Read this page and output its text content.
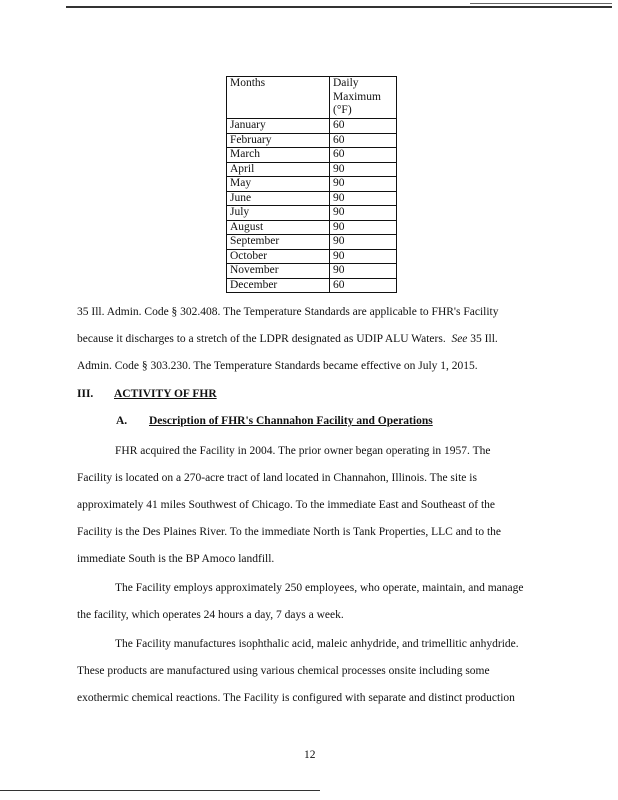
Months	Daily Maximum (°F)
January	60
February	60
March	60
April	90
May	90
June	90
July	90
August	90
September	90
October	90
November	90
December	60
35 Ill. Admin. Code § 302.408. The Temperature Standards are applicable to FHR's Facility
because it discharges to a stretch of the LDPR designated as UDIP ALU Waters. See 35 Ill.
Admin. Code § 303.230. The Temperature Standards became effective on July 1, 2015.
III. ACTIVITY OF FHR
A. Description of FHR's Channahon Facility and Operations
FHR acquired the Facility in 2004. The prior owner began operating in 1957. The
Facility is located on a 270-acre tract of land located in Channahon, Illinois. The site is
approximately 41 miles Southwest of Chicago. To the immediate East and Southeast of the
Facility is the Des Plaines River. To the immediate North is Tank Properties, LLC and to the
immediate South is the BP Amoco landfill.
The Facility employs approximately 250 employees, who operate, maintain, and manage
the facility, which operates 24 hours a day, 7 days a week.
The Facility manufactures isophthalic acid, maleic anhydride, and trimellitic anhydride.
These products are manufactured using various chemical processes onsite including some
exothermic chemical reactions. The Facility is configured with separate and distinct production
12
